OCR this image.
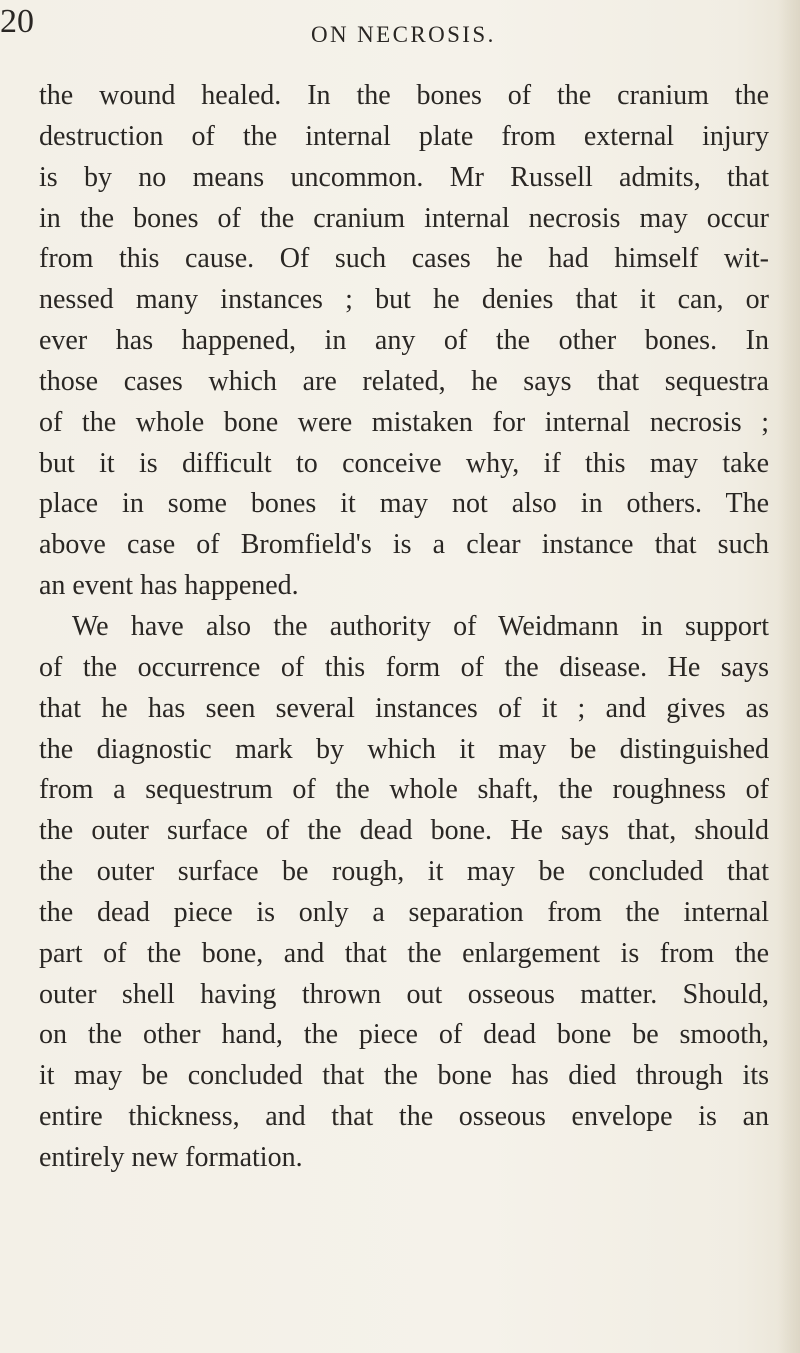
20	ON NECROSIS.
the wound healed. In the bones of the cranium the
destruction of the internal plate from external injury
is by no means uncommon. Mr Russell admits, that
in the bones of the cranium internal necrosis may occur
from this cause. Of such cases he had himself wit-
nessed many instances ; but he denies that it can, or
ever has happened, in any of the other bones. In
those cases which are related, he says that sequestra
of the whole bone were mistaken for internal necrosis ;
but it is difficult to conceive why, if this may take
place in some bones it may not also in others. The
above case of Bromfield's is a clear instance that such
an event has happened.
We have also the authority of Weidmann in support
of the occurrence of this form of the disease. He says
that he has seen several instances of it ; and gives as
the diagnostic mark by which it may be distinguished
from a sequestrum of the whole shaft, the roughness of
the outer surface of the dead bone. He says that, should
the outer surface be rough, it may be concluded that
the dead piece is only a separation from the internal
part of the bone, and that the enlargement is from the
outer shell having thrown out osseous matter. Should,
on the other hand, the piece of dead bone be smooth,
it may be concluded that the bone has died through its
entire thickness, and that the osseous envelope is an
entirely new formation.
